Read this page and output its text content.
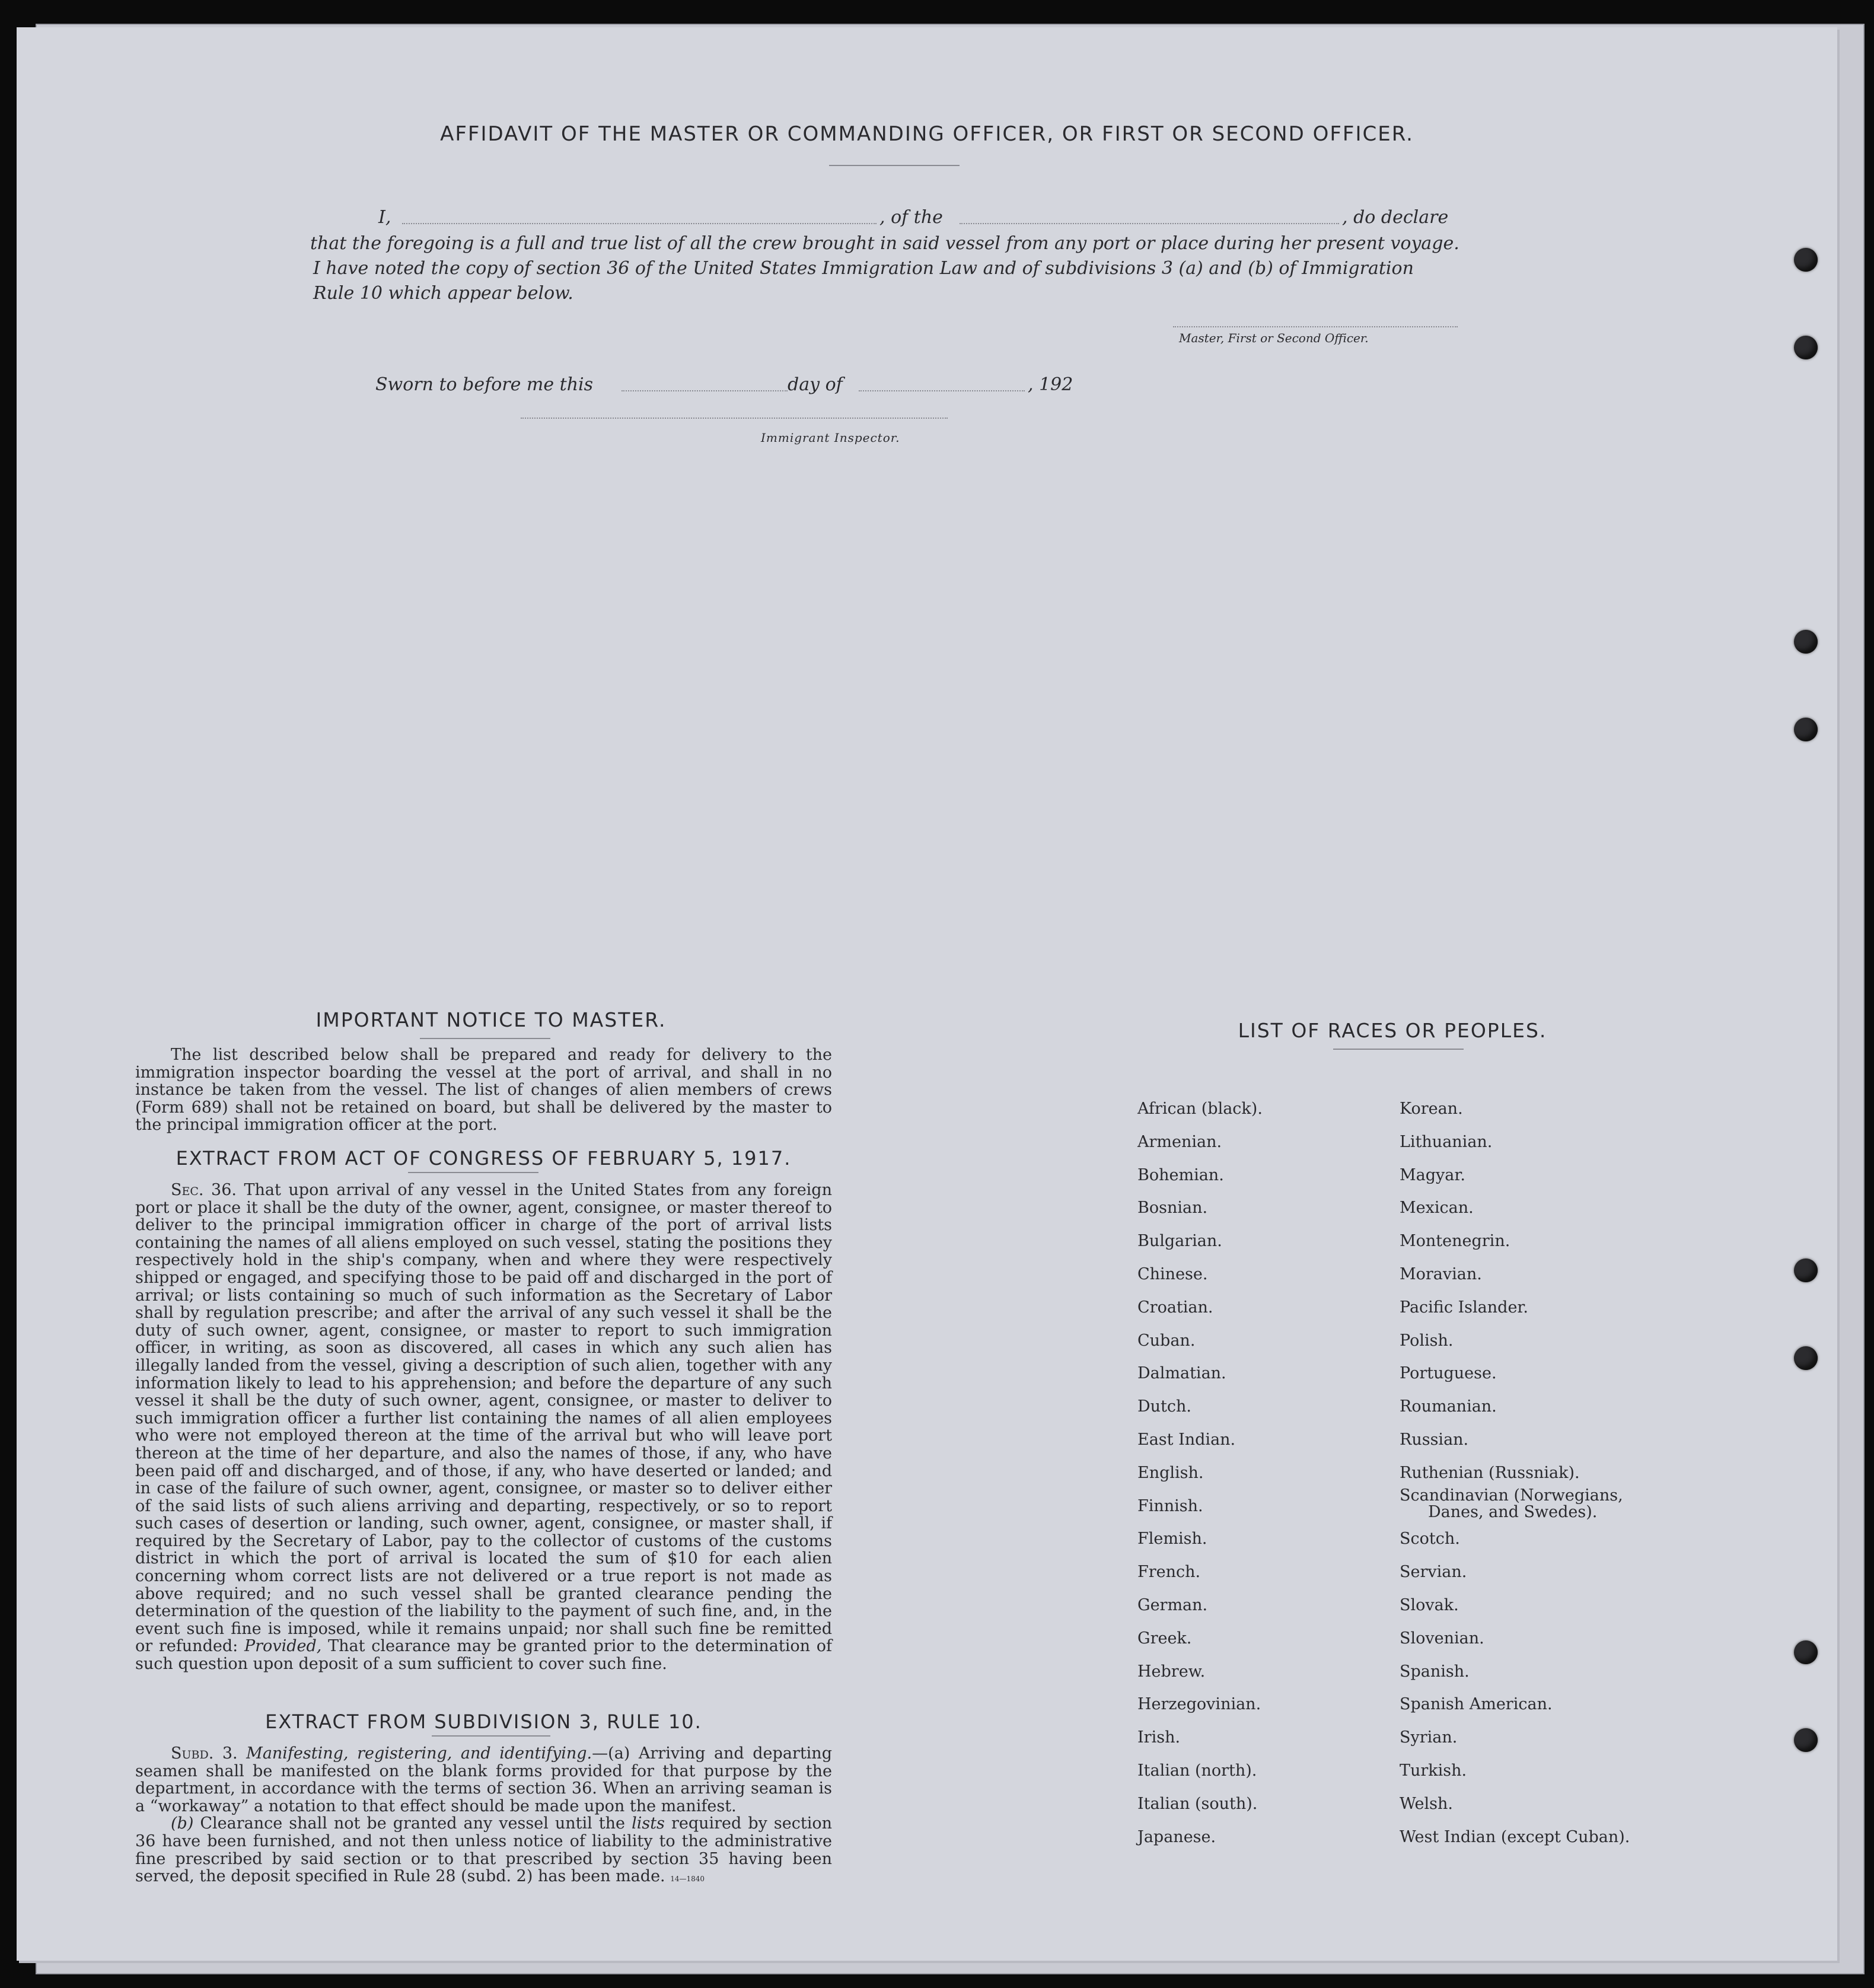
AFFIDAVIT OF THE MASTER OR COMMANDING OFFICER, OR FIRST OR SECOND OFFICER.
I,	, of the	, do declare
that the foregoing is a full and true list of all the crew brought in said vessel from any port or place during her present voyage.
I have noted the copy of section 36 of the United States Immigration Law and of subdivisions 3 (a) and (b) of Immigration
Rule 10 which appear below.
Master, First or Second Officer.
Sworn to before me this	day of	, 192
Immigrant Inspector.
IMPORTANT NOTICE TO MASTER.

The list described below shall be prepared and ready for delivery to the immigration inspector boarding the vessel at the port of arrival, and shall in no instance be taken from the vessel. The list of changes of alien members of crews (Form 689) shall not be retained on board, but shall be delivered by the master to the principal immigration officer at the port.

EXTRACT FROM ACT OF CONGRESS OF FEBRUARY 5, 1917.

Sec. 36. That upon arrival of any vessel in the United States from any foreign port or place it shall be the duty of the owner, agent, consignee, or master thereof to deliver to the principal immigration officer in charge of the port of arrival lists containing the names of all aliens employed on such vessel, stating the positions they respectively hold in the ship's company, when and where they were respectively shipped or engaged, and specifying those to be paid off and discharged in the port of arrival; or lists containing so much of such information as the Secretary of Labor shall by regulation prescribe; and after the arrival of any such vessel it shall be the duty of such owner, agent, consignee, or master to report to such immigration officer, in writing, as soon as discovered, all cases in which any such alien has illegally landed from the vessel, giving a description of such alien, together with any information likely to lead to his apprehension; and before the departure of any such vessel it shall be the duty of such owner, agent, consignee, or master to deliver to such immigration officer a further list containing the names of all alien employees who were not employed thereon at the time of the arrival but who will leave port thereon at the time of her departure, and also the names of those, if any, who have been paid off and discharged, and of those, if any, who have deserted or landed; and in case of the failure of such owner, agent, consignee, or master so to deliver either of the said lists of such aliens arriving and departing, respectively, or so to report such cases of desertion or landing, such owner, agent, consignee, or master shall, if required by the Secretary of Labor, pay to the collector of customs of the customs district in which the port of arrival is located the sum of $10 for each alien concerning whom correct lists are not delivered or a true report is not made as above required; and no such vessel shall be granted clearance pending the determination of the question of the liability to the payment of such fine, and, in the event such fine is imposed, while it remains unpaid; nor shall such fine be remitted or refunded: Provided, That clearance may be granted prior to the determination of such question upon deposit of a sum sufficient to cover such fine.

EXTRACT FROM SUBDIVISION 3, RULE 10.

Subd. 3. Manifesting, registering, and identifying.—(a) Arriving and departing seamen shall be manifested on the blank forms provided for that purpose by the department, in accordance with the terms of section 36. When an arriving seaman is a “workaway” a notation to that effect should be made upon the manifest.

(b) Clearance shall not be granted any vessel until the lists required by section 36 have been furnished, and not then unless notice of liability to the administrative fine prescribed by said section or to that prescribed by section 35 having been served, the deposit specified in Rule 28 (subd. 2) has been made. 14—1840

LIST OF RACES OR PEOPLES.
African (black).
Armenian.
Bohemian.
Bosnian.
Bulgarian.
Chinese.
Croatian.
Cuban.
Dalmatian.
Dutch.
East Indian.
English.
Finnish.
Flemish.
French.
German.
Greek.
Hebrew.
Herzegovinian.
Irish.
Italian (north).
Italian (south).
Japanese.
Korean.
Lithuanian.
Magyar.
Mexican.
Montenegrin.
Moravian.
Pacific Islander.
Polish.
Portuguese.
Roumanian.
Russian.
Ruthenian (Russniak).
Scandinavian (Norwegians,
Scotch.
Servian.
Slovak.
Slovenian.
Spanish.
Spanish American.
Syrian.
Turkish.
Welsh.
West Indian (except Cuban).
Danes, and Swedes).
